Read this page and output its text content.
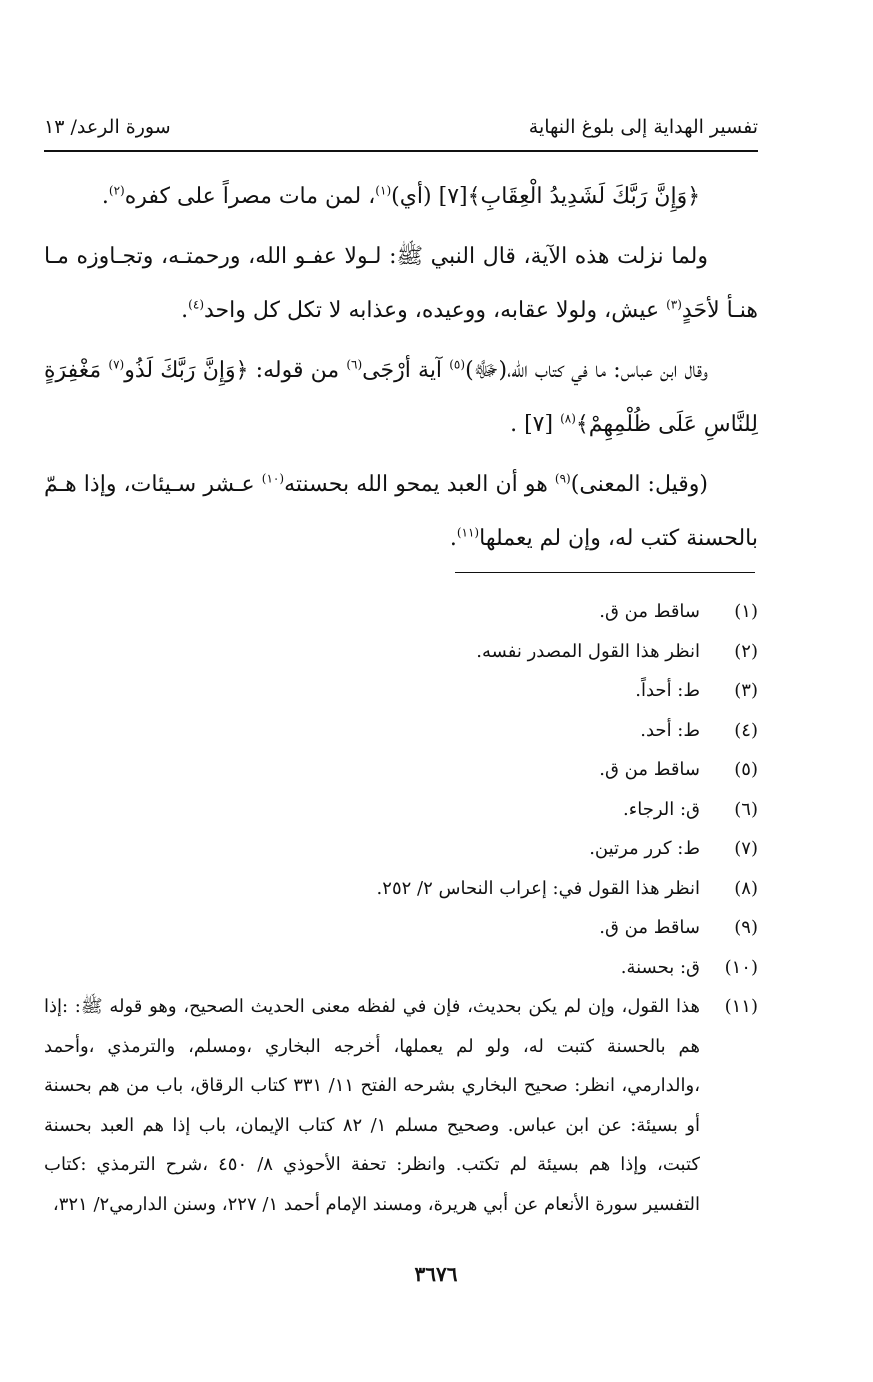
تفسير الهداية إلى بلوغ النهاية
سورة الرعد/ ١٣

﴿وَإِنَّ رَبَّكَ لَشَدِيدُ الْعِقَابِ﴾[٧] (أي)$^{(١)}$، لمن مات مصراً على كفره$^{(٢)}$.

ولما نزلت هذه الآية، قال النبي ﷺ: لـولا عفـو الله، ورحمتـه، وتجـاوزه مـا هنـأ لأحَدٍ$^{(٣)}$ عيش، ولولا عقابه، ووعيده، وعذابه لا تكل كل واحد$^{(٤)}$.

وقال ابن عباس: ما في كتاب الله،(ﷻ)$^{(٥)}$ آية أرْجَى$^{(٦)}$ من قوله: ﴿وَإِنَّ رَبَّكَ لَذُو$^{(٧)}$ مَغْفِرَةٍ لِلنَّاسِ عَلَى ظُلْمِهِمْ﴾$^{(٨)}$ [٧] .

(وقيل: المعنى)$^{(٩)}$ هو أن العبد يمحو الله بحسنته$^{(١٠)}$ عـشر سـيئات، وإذا هـمّ بالحسنة كتب له، وإن لم يعملها$^{(١١)}$.

(١)
ساقط من ق.
(٢)
انظر هذا القول المصدر نفسه.
(٣)
ط: أحداً.
(٤)
ط: أحد.
(٥)
ساقط من ق.
(٦)
ق: الرجاء.
(٧)
ط: كرر مرتين.
(٨)
انظر هذا القول في: إعراب النحاس ٢/ ٢٥٢.
(٩)
ساقط من ق.
(١٠)
ق: بحسنة.
(١١)
هذا القول، وإن لم يكن بحديث، فإن في لفظه معنى الحديث الصحيح، وهو قوله ﷺ: :إذا هم بالحسنة كتبت له، ولو لم يعملها، أخرجه البخاري ،ومسلم، والترمذي ،وأحمد ،والدارمي، انظر: صحيح البخاري بشرحه الفتح ١١/ ٣٣١ كتاب الرقاق، باب من هم بحسنة أو بسيئة: عن ابن عباس. وصحيح مسلم ١/ ٨٢ كتاب الإيمان، باب إذا هم العبد بحسنة كتبت، وإذا هم بسيئة لم تكتب. وانظر: تحفة الأحوذي ٨/ ٤٥٠ ،شرح الترمذي :كتاب التفسير سورة الأنعام عن أبي هريرة، ومسند الإمام أحمد ١/ ٢٢٧، وسنن الدارمي٢/ ٣٢١،
٣٦٧٦
